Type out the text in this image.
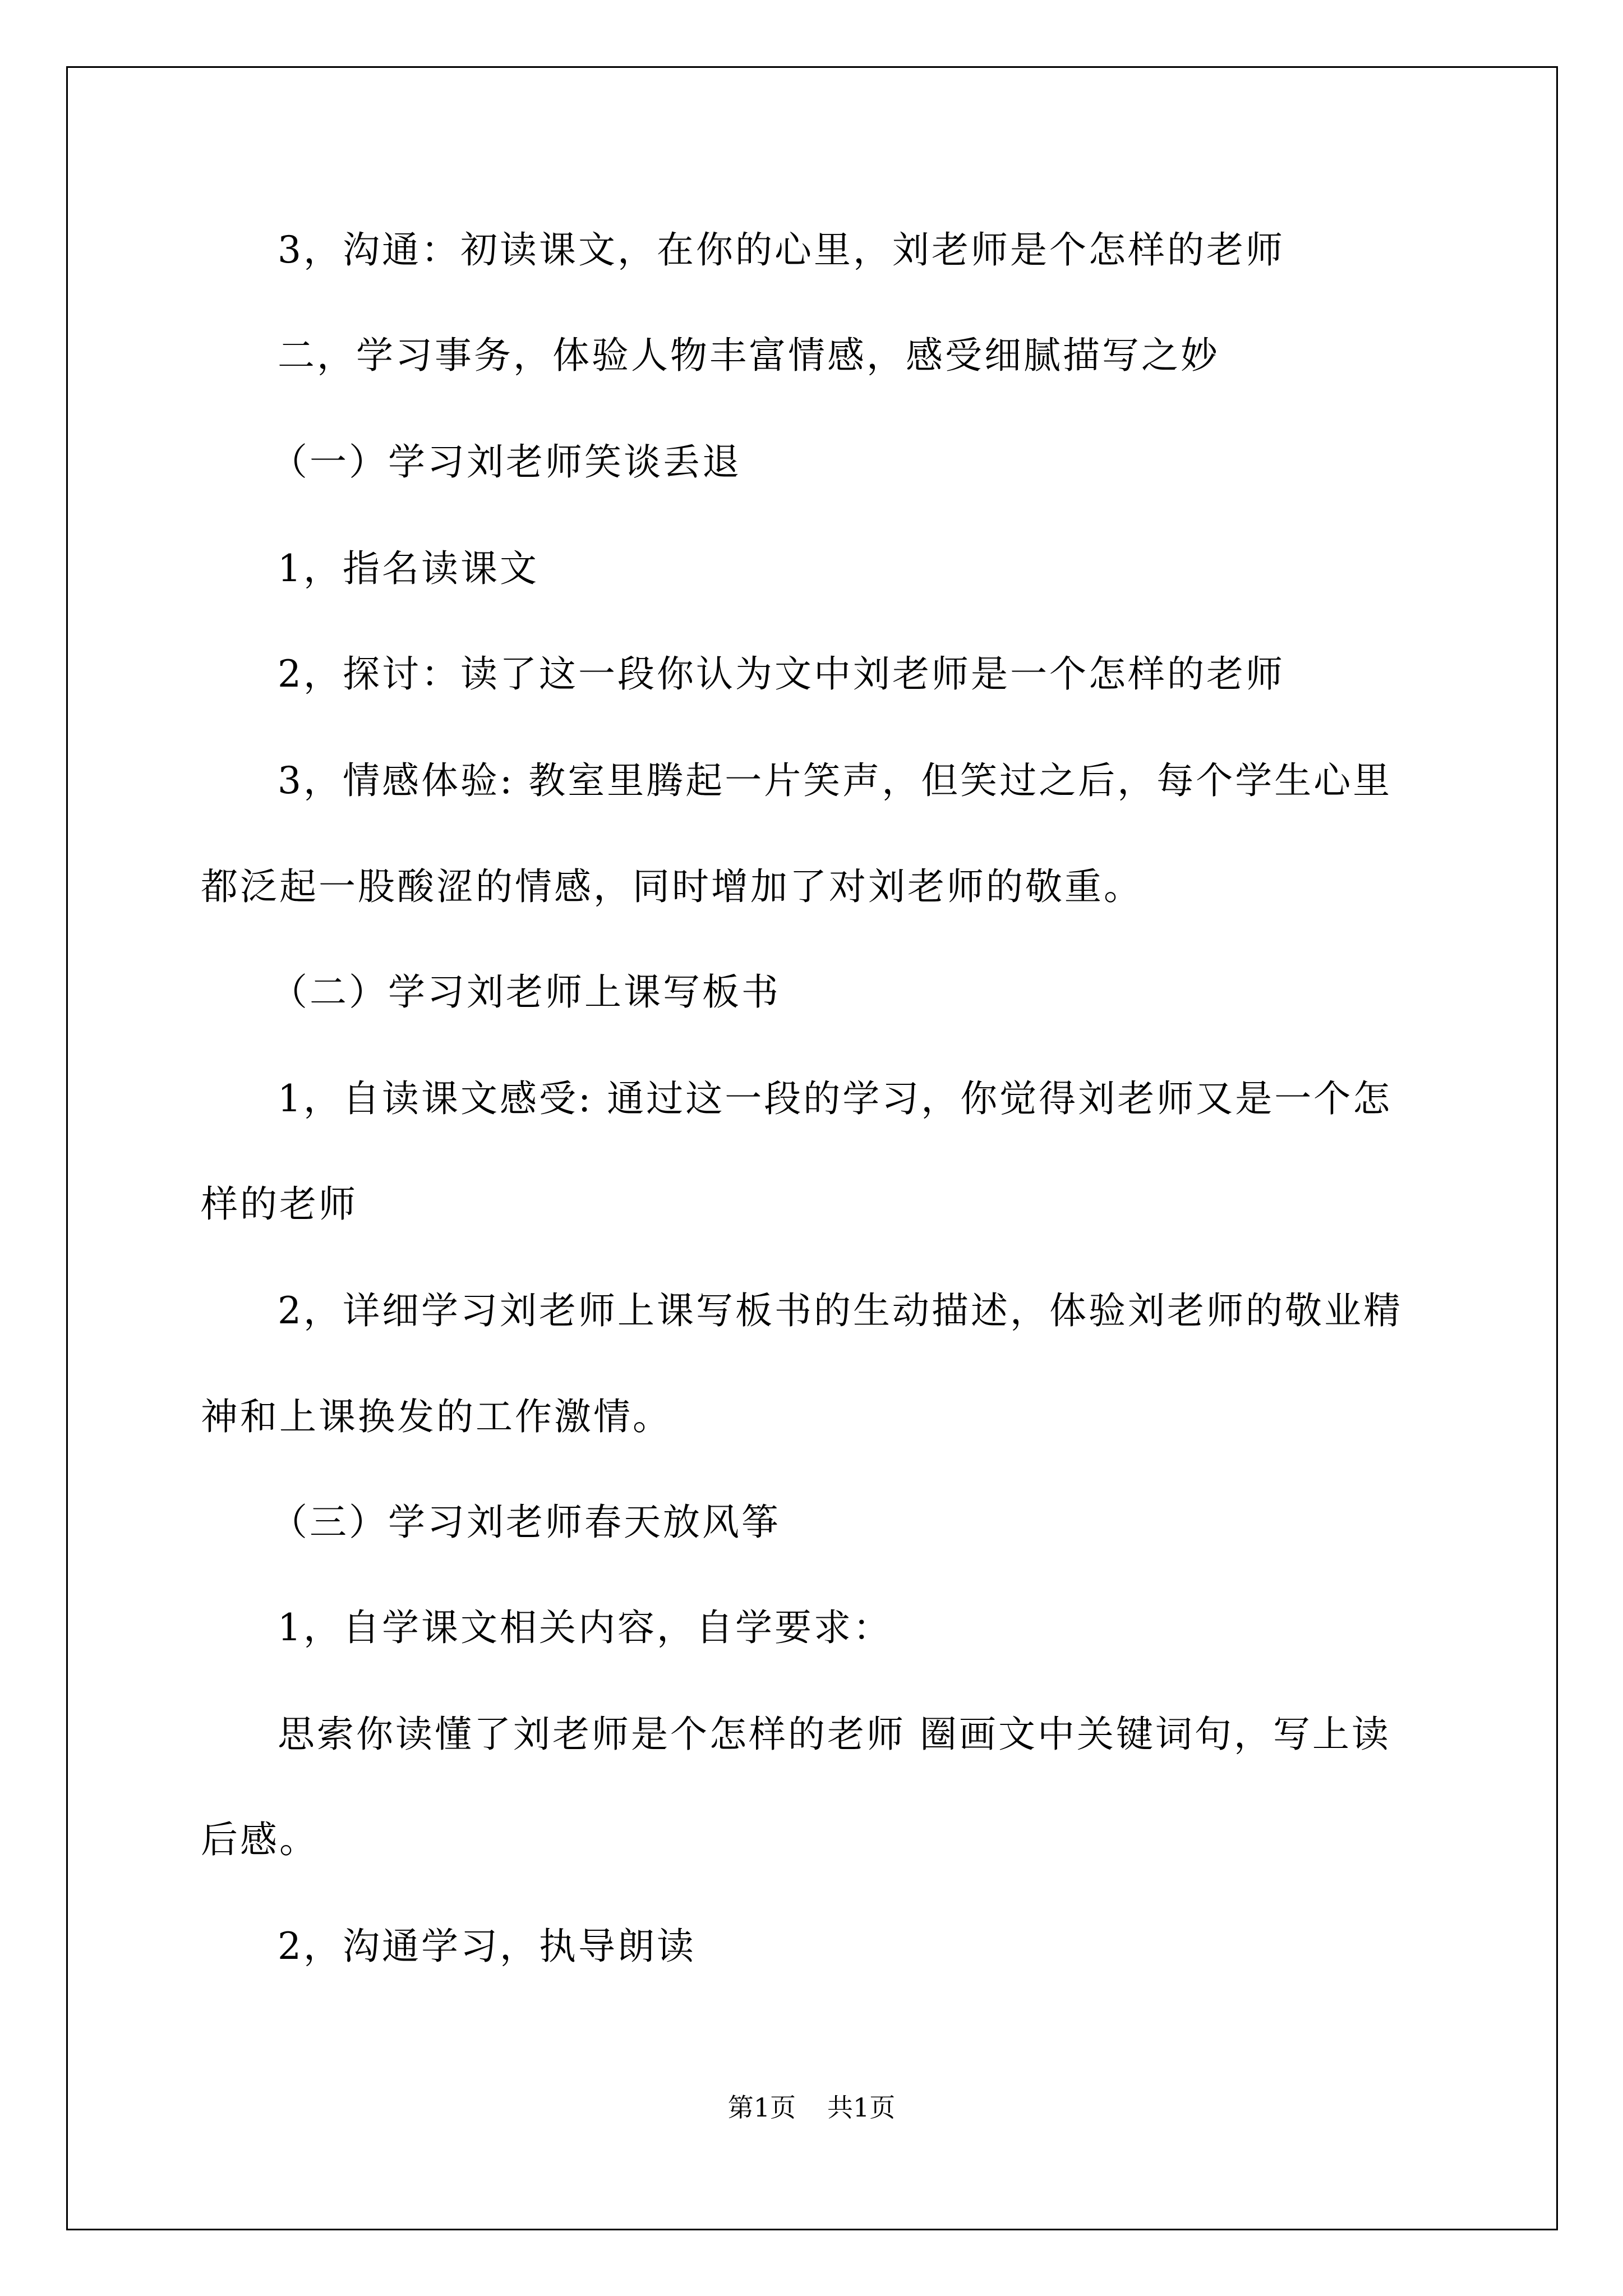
3，沟通：初读课文，在你的心里，刘老师是个怎样的老师
二，学习事务，体验人物丰富情感，感受细腻描写之妙
（一）学习刘老师笑谈丢退
1，指名读课文
2，探讨：读了这一段你认为文中刘老师是一个怎样的老师
3，情感体验: 教室里腾起一片笑声，但笑过之后，每个学生心里
都泛起一股酸涩的情感，同时增加了对刘老师的敬重。
（二）学习刘老师上课写板书
1，自读课文感受: 通过这一段的学习，你觉得刘老师又是一个怎
样的老师
2，详细学习刘老师上课写板书的生动描述，体验刘老师的敬业精
神和上课换发的工作激情。
（三）学习刘老师春天放风筝
1，自学课文相关内容，自学要求：
思索你读懂了刘老师是个怎样的老师 圈画文中关键词句，写上读
后感。
2，沟通学习，执导朗读
第1页 共1页
